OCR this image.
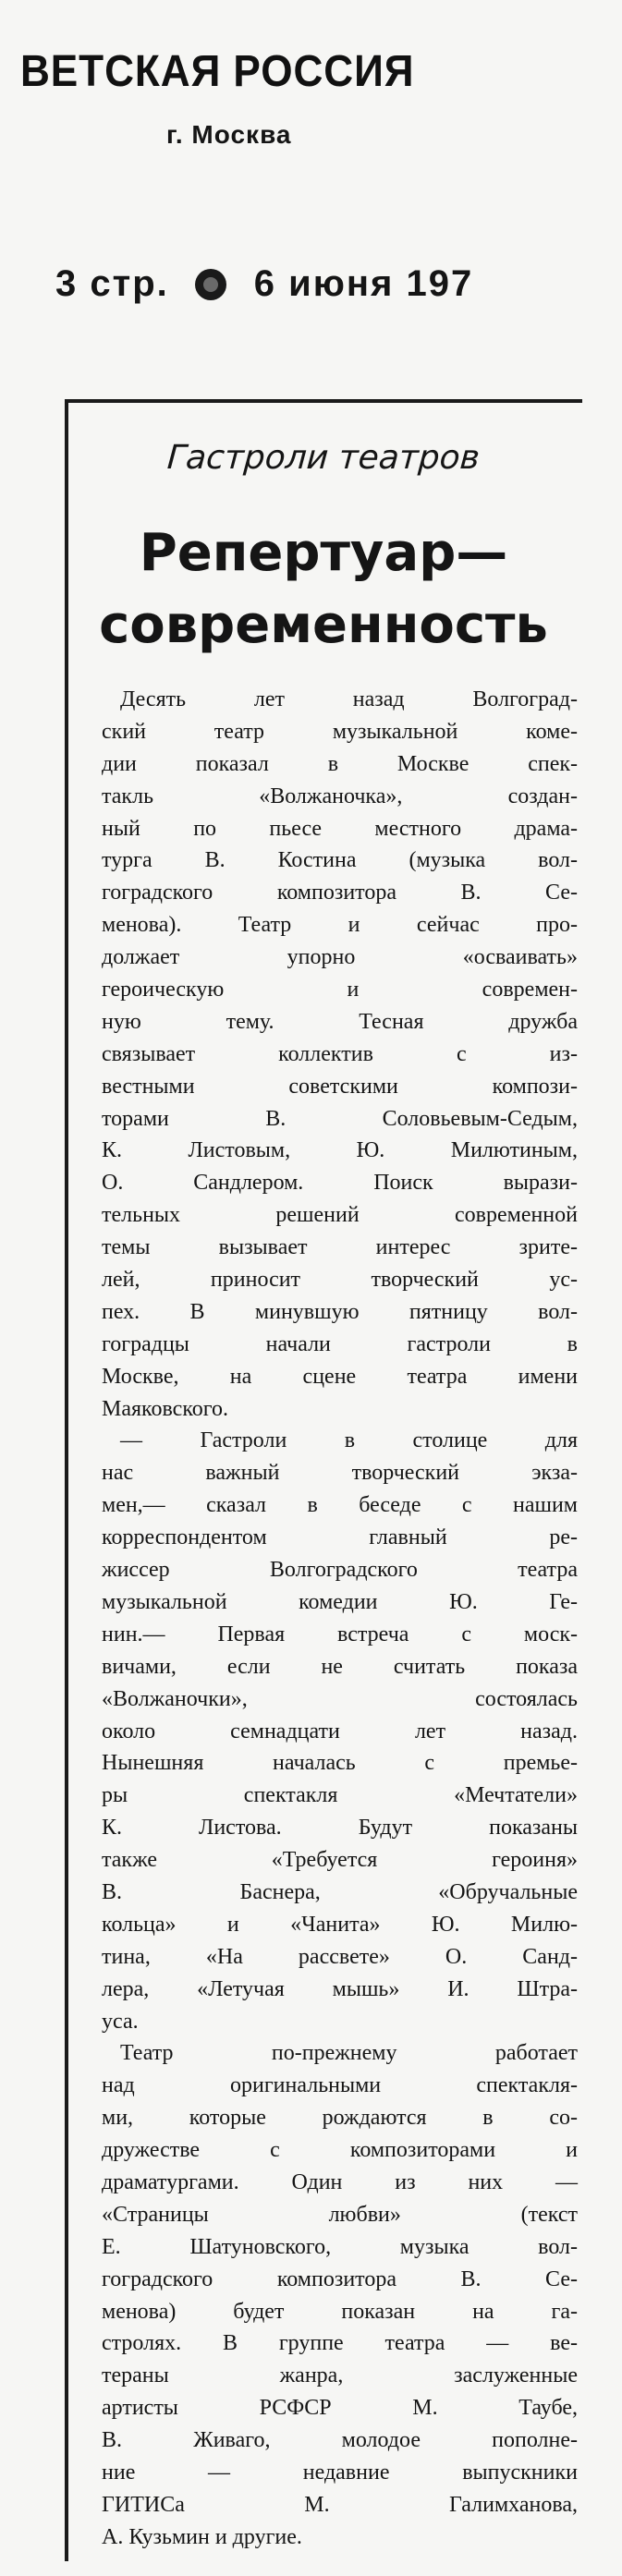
ВЕТСКАЯ РОССИЯ
г. Москва
3 стр. 6 июня 197
Гастроли театров
Репертуар—
современность
Десять лет назад Волгоград-
ский театр музыкальной коме-
дии показал в Москве спек-
такль «Волжаночка», создан-
ный по пьесе местного драма-
турга В. Костина (музыка вол-
гоградского композитора В. Се-
менова). Театр и сейчас про-
должает упорно «осваивать»
героическую и современ-
ную тему. Тесная дружба
связывает коллектив с из-
вестными советскими компози-
торами В. Соловьевым-Седым,
К. Листовым, Ю. Милютиным,
О. Сандлером. Поиск вырази-
тельных решений современной
темы вызывает интерес зрите-
лей, приносит творческий ус-
пех. В минувшую пятницу вол-
гоградцы начали гастроли в
Москве, на сцене театра имени
Маяковского.
— Гастроли в столице для
нас важный творческий экза-
мен,— сказал в беседе с нашим
корреспондентом главный ре-
жиссер Волгоградского театра
музыкальной комедии Ю. Ге-
нин.— Первая встреча с моск-
вичами, если не считать показа
«Волжаночки», состоялась
около семнадцати лет назад.
Нынешняя началась с премье-
ры спектакля «Мечтатели»
К. Листова. Будут показаны
также «Требуется героиня»
В. Баснера, «Обручальные
кольца» и «Чанита» Ю. Милю-
тина, «На рассвете» О. Санд-
лера, «Летучая мышь» И. Штра-
уса.
Театр по-прежнему работает
над оригинальными спектакля-
ми, которые рождаются в со-
дружестве с композиторами и
драматургами. Один из них —
«Страницы любви» (текст
Е. Шатуновского, музыка вол-
гоградского композитора В. Се-
менова) будет показан на га-
стролях. В группе театра — ве-
тераны жанра, заслуженные
артисты РСФСР М. Таубе,
В. Живаго, молодое пополне-
ние — недавние выпускники
ГИТИСа М. Галимханова,
А. Кузьмин и другие.
